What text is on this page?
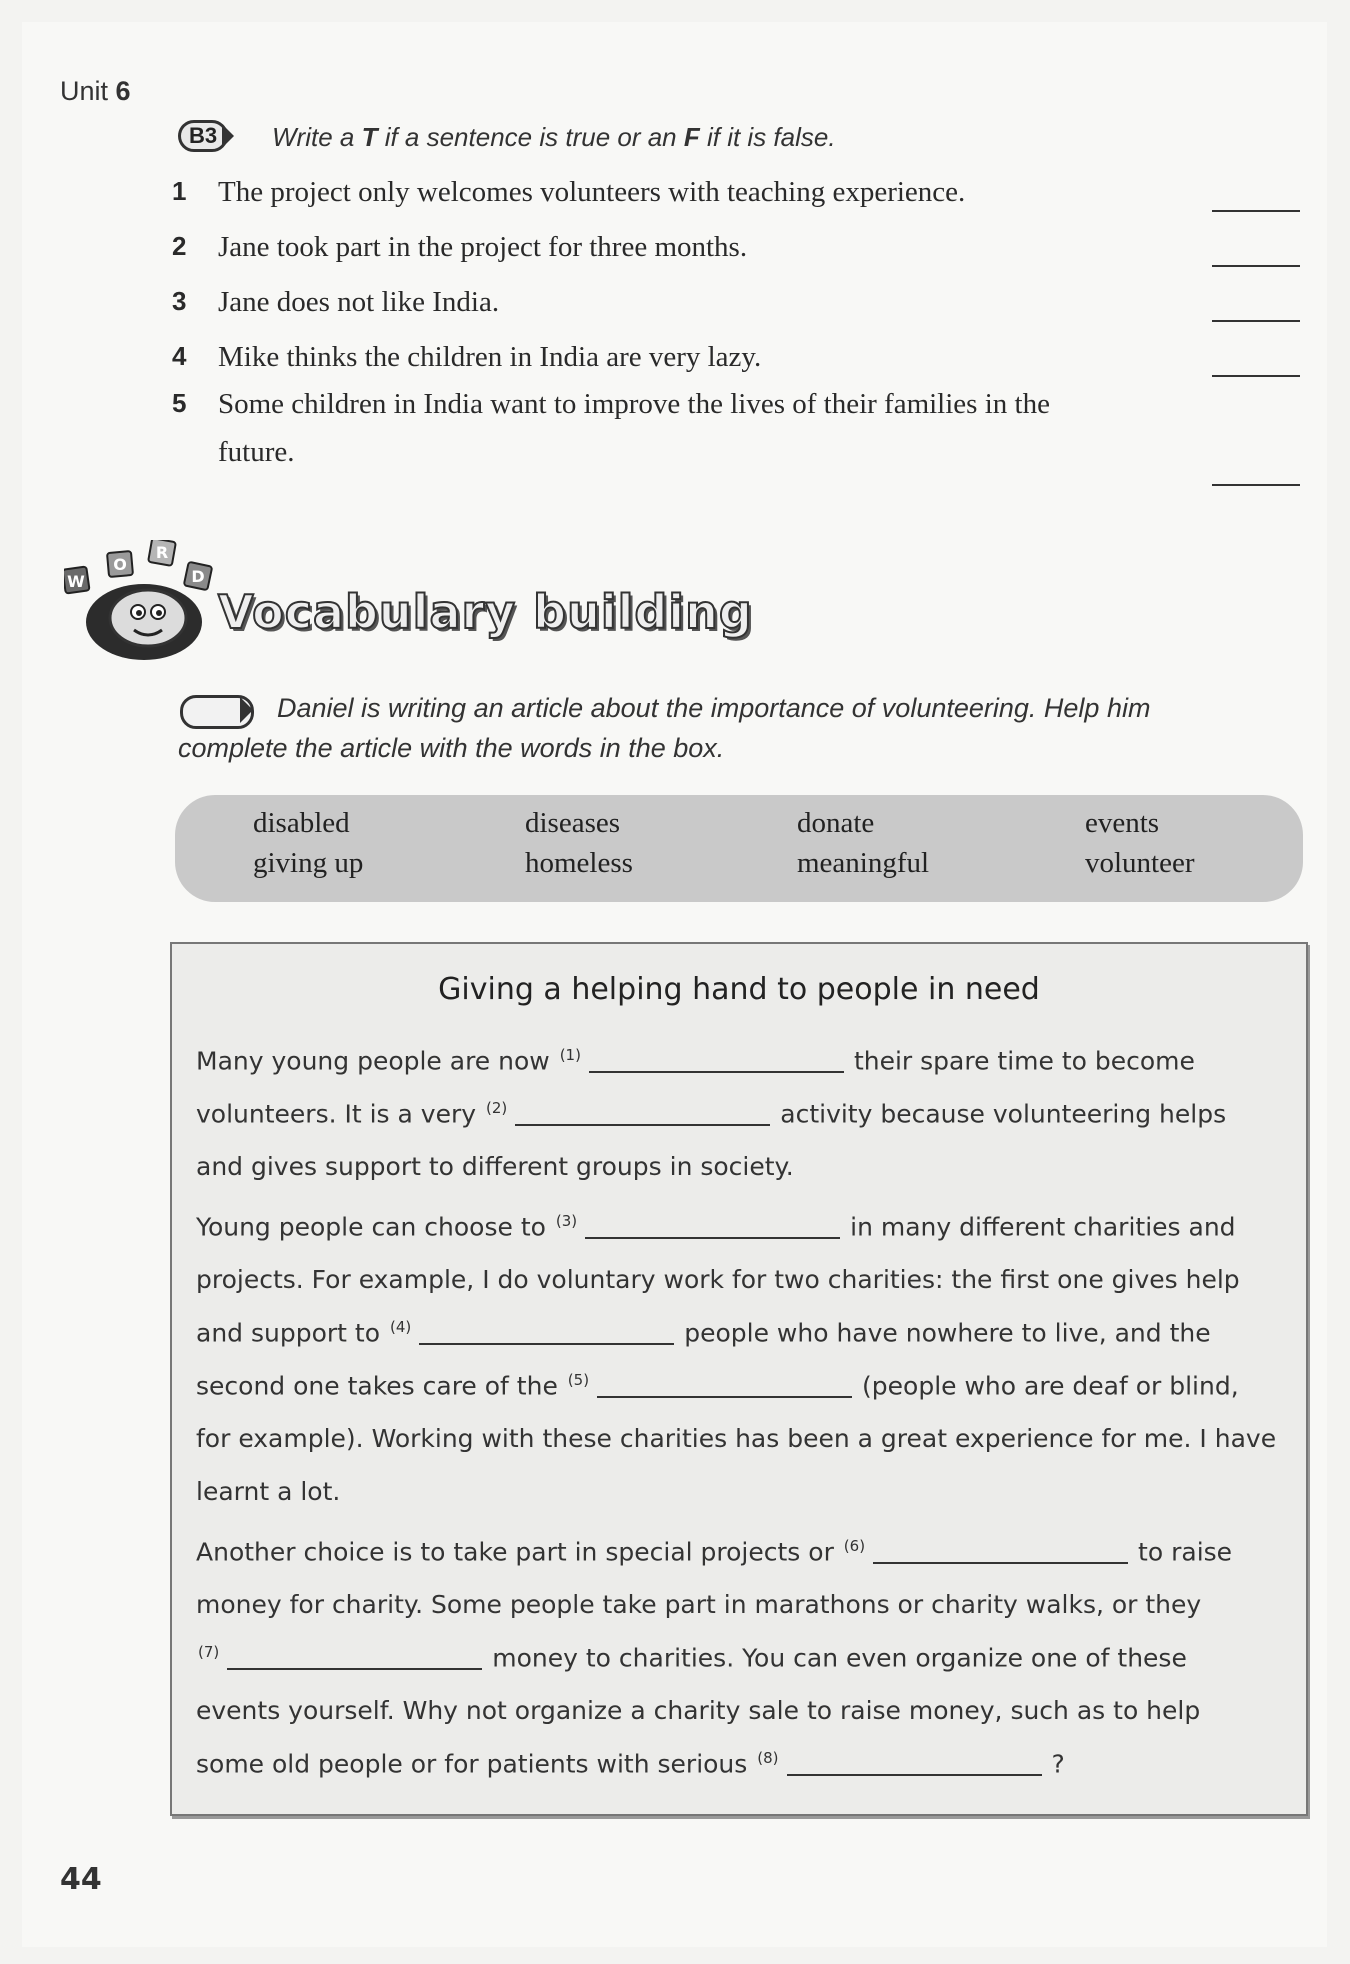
Unit 6
B3	Write a T if a sentence is true or an F if it is false.
1 The project only welcomes volunteers with teaching experience.
2 Jane took part in the project for three months.
3 Jane does not like India.
4 Mike thinks the children in India are very lazy.
5 Some children in India want to improve the lives of their families in the future.
W
O
R
D
Vocabulary building
Daniel is writing an article about the importance of volunteering. Help him complete the article with the words in the box.
disabled	diseases	donate	events
giving up	homeless	meaningful	volunteer
Giving a helping hand to people in need
Many young people are now $^{(1)}$	their spare time to become
volunteers. It is a very $^{(2)}$	activity because volunteering helps
and gives support to different groups in society.
Young people can choose to $^{(3)}$	in many different charities and
projects. For example, I do voluntary work for two charities: the first one gives help
and support to $^{(4)}$	people who have nowhere to live, and the
second one takes care of the $^{(5)}$	(people who are deaf or blind,
for example). Working with these charities has been a great experience for me. I have
learnt a lot.
Another choice is to take part in special projects or $^{(6)}$	to raise
money for charity. Some people take part in marathons or charity walks, or they
$^{(7)}$	money to charities. You can even organize one of these
events yourself. Why not organize a charity sale to raise money, such as to help
some old people or for patients with serious $^{(8)}$	?
44
